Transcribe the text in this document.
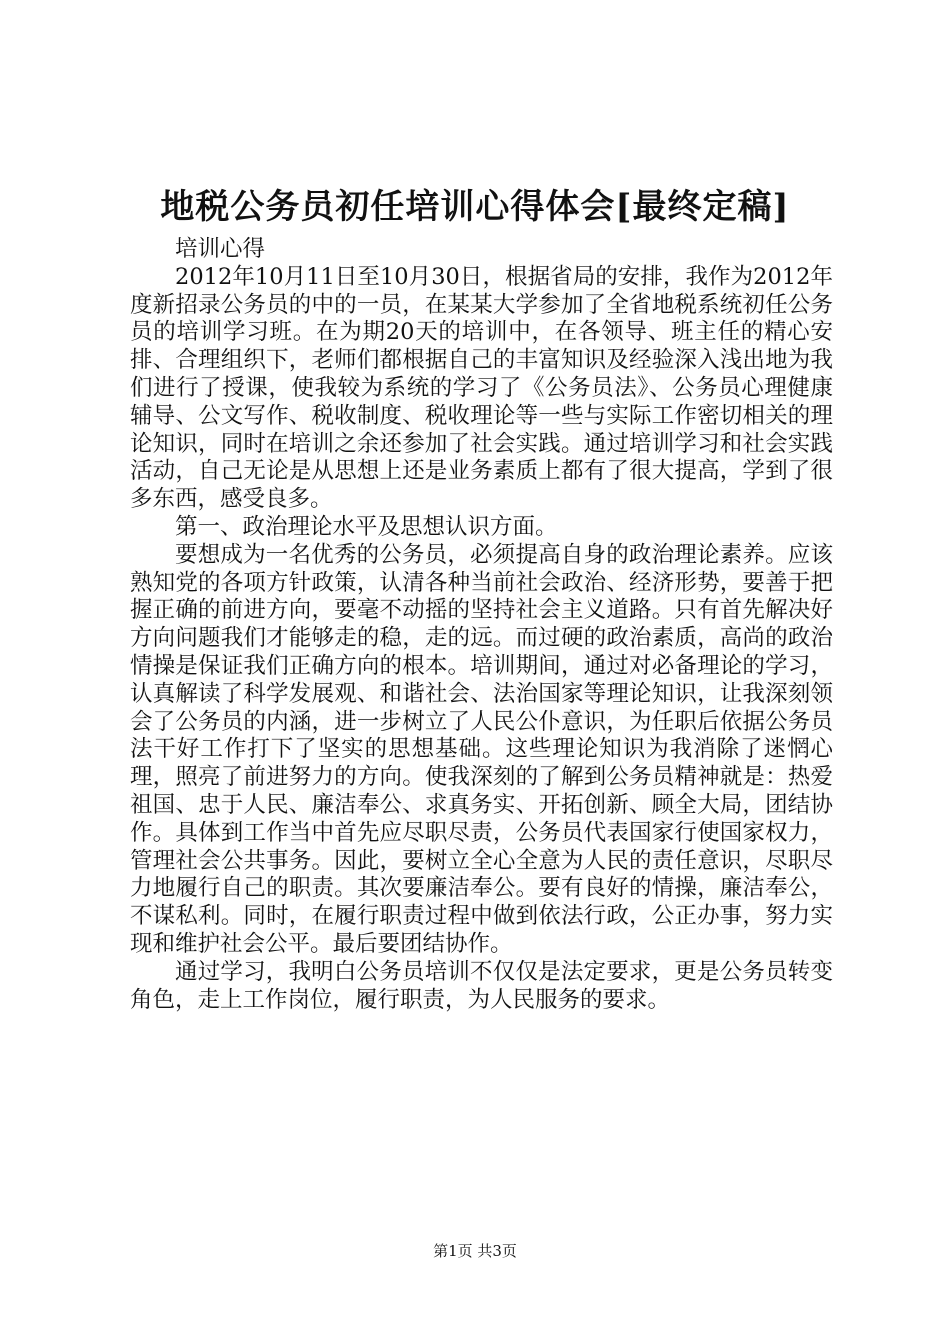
地税公务员初任培训心得体会[最终定稿]

培训心得

2012年10月11日至10月30日，根据省局的安排，我作为2012年度新招录公务员的中的一员，在某某大学参加了全省地税系统初任公务员的培训学习班。在为期20天的培训中，在各领导、班主任的精心安排、合理组织下，老师们都根据自己的丰富知识及经验深入浅出地为我们进行了授课，使我较为系统的学习了《公务员法》、公务员心理健康辅导、公文写作、税收制度、税收理论等一些与实际工作密切相关的理论知识，同时在培训之余还参加了社会实践。通过培训学习和社会实践活动，自己无论是从思想上还是业务素质上都有了很大提高，学到了很多东西，感受良多。

第一、政治理论水平及思想认识方面。

要想成为一名优秀的公务员，必须提高自身的政治理论素养。应该熟知党的各项方针政策，认清各种当前社会政治、经济形势，要善于把握正确的前进方向，要毫不动摇的坚持社会主义道路。只有首先解决好方向问题我们才能够走的稳，走的远。而过硬的政治素质，高尚的政治情操是保证我们正确方向的根本。培训期间，通过对必备理论的学习，认真解读了科学发展观、和谐社会、法治国家等理论知识，让我深刻领会了公务员的内涵，进一步树立了人民公仆意识，为任职后依据公务员法干好工作打下了坚实的思想基础。这些理论知识为我消除了迷惘心理，照亮了前进努力的方向。使我深刻的了解到公务员精神就是：热爱祖国、忠于人民、廉洁奉公、求真务实、开拓创新、顾全大局，团结协作。具体到工作当中首先应尽职尽责，公务员代表国家行使国家权力，管理社会公共事务。因此，要树立全心全意为人民的责任意识，尽职尽力地履行自己的职责。其次要廉洁奉公。要有良好的情操，廉洁奉公，不谋私利。同时，在履行职责过程中做到依法行政，公正办事，努力实现和维护社会公平。最后要团结协作。

通过学习，我明白公务员培训不仅仅是法定要求，更是公务员转变角色，走上工作岗位，履行职责，为人民服务的要求。

第1页 共3页
